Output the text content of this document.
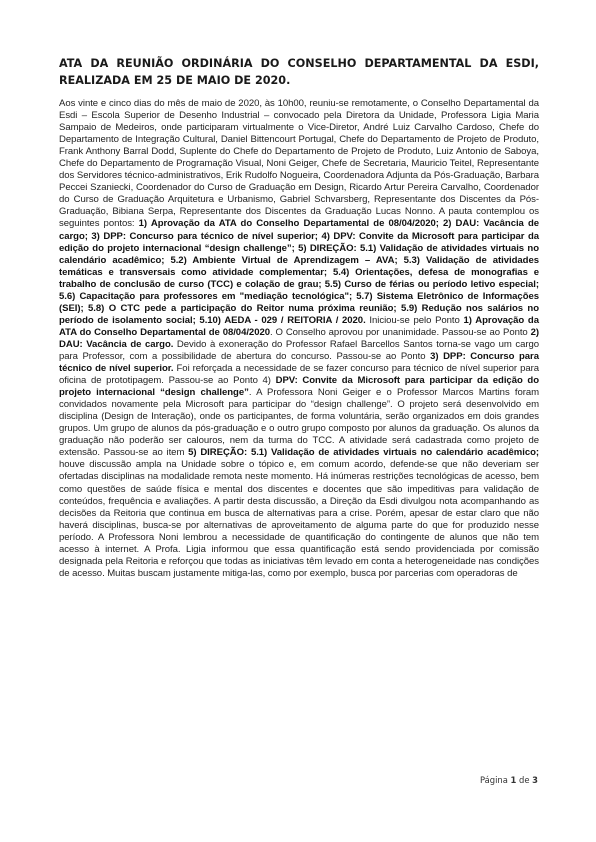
ATA DA REUNIÃO ORDINÁRIA DO CONSELHO DEPARTAMENTAL DA ESDI, REALIZADA EM 25 DE MAIO DE 2020.

Aos vinte e cinco dias do mês de maio de 2020, às 10h00, reuniu-se remotamente, o Conselho Departamental da Esdi – Escola Superior de Desenho Industrial – convocado pela Diretora da Unidade, Professora Ligia Maria Sampaio de Medeiros, onde participaram virtualmente o Vice-Diretor, André Luiz Carvalho Cardoso, Chefe do Departamento de Integração Cultural, Daniel Bittencourt Portugal, Chefe do Departamento de Projeto de Produto, Frank Anthony Barral Dodd, Suplente do Chefe do Departamento de Projeto de Produto, Luiz Antonio de Saboya, Chefe do Departamento de Programação Visual, Noni Geiger, Chefe de Secretaria, Mauricio Teitel, Representante dos Servidores técnico-administrativos, Erik Rudolfo Nogueira, Coordenadora Adjunta da Pós-Graduação, Barbara Peccei Szaniecki, Coordenador do Curso de Graduação em Design, Ricardo Artur Pereira Carvalho, Coordenador do Curso de Graduação Arquitetura e Urbanismo, Gabriel Schvarsberg, Representante dos Discentes da Pós-Graduação, Bibiana Serpa, Representante dos Discentes da Graduação Lucas Nonno. A pauta contemplou os seguintes pontos: 1) Aprovação da ATA do Conselho Departamental de 08/04/2020; 2) DAU: Vacância de cargo; 3) DPP: Concurso para técnico de nível superior; 4) DPV: Convite da Microsoft para participar da edição do projeto internacional “design challenge”; 5) DIREÇÃO: 5.1) Validação de atividades virtuais no calendário acadêmico; 5.2) Ambiente Virtual de Aprendizagem – AVA; 5.3) Validação de atividades temáticas e transversais como atividade complementar; 5.4) Orientações, defesa de monografias e trabalho de conclusão de curso (TCC) e colação de grau; 5.5) Curso de férias ou período letivo especial; 5.6) Capacitação para professores em "mediação tecnológica"; 5.7) Sistema Eletrônico de Informações (SEI); 5.8) O CTC pede a participação do Reitor numa próxima reunião; 5.9) Redução nos salários no período de isolamento social; 5.10) AEDA - 029 / REITORIA / 2020. Iniciou-se pelo Ponto 1) Aprovação da ATA do Conselho Departamental de 08/04/2020. O Conselho aprovou por unanimidade. Passou-se ao Ponto 2) DAU: Vacância de cargo. Devido à exoneração do Professor Rafael Barcellos Santos torna-se vago um cargo para Professor, com a possibilidade de abertura do concurso. Passou-se ao Ponto 3) DPP: Concurso para técnico de nível superior. Foi reforçada a necessidade de se fazer concurso para técnico de nível superior para oficina de prototipagem. Passou-se ao Ponto 4) DPV: Convite da Microsoft para participar da edição do projeto internacional “design challenge”. A Professora Noni Geiger e o Professor Marcos Martins foram convidados novamente pela Microsoft para participar do “design challenge”. O projeto será desenvolvido em disciplina (Design de Interação), onde os participantes, de forma voluntária, serão organizados em dois grandes grupos. Um grupo de alunos da pós-graduação e o outro grupo composto por alunos da graduação. Os alunos da graduação não poderão ser calouros, nem da turma do TCC. A atividade será cadastrada como projeto de extensão. Passou-se ao item 5) DIREÇÃO: 5.1) Validação de atividades virtuais no calendário acadêmico; houve discussão ampla na Unidade sobre o tópico e, em comum acordo, defende-se que não deveriam ser ofertadas disciplinas na modalidade remota neste momento. Há inúmeras restrições tecnológicas de acesso, bem como questões de saúde física e mental dos discentes e docentes que são impeditivas para validação de conteúdos, frequência e avaliações. A partir desta discussão, a Direção da Esdi divulgou nota acompanhando as decisões da Reitoria que continua em busca de alternativas para a crise. Porém, apesar de estar claro que não haverá disciplinas, busca-se por alternativas de aproveitamento de alguma parte do que for produzido nesse período. A Professora Noni lembrou a necessidade de quantificação do contingente de alunos que não tem acesso à internet. A Profa. Ligia informou que essa quantificação está sendo providenciada por comissão designada pela Reitoria e reforçou que todas as iniciativas têm levado em conta a heterogeneidade nas condições de acesso. Muitas buscam justamente mitiga-las, como por exemplo, busca por parcerias com operadoras de

Página 1 de 3
